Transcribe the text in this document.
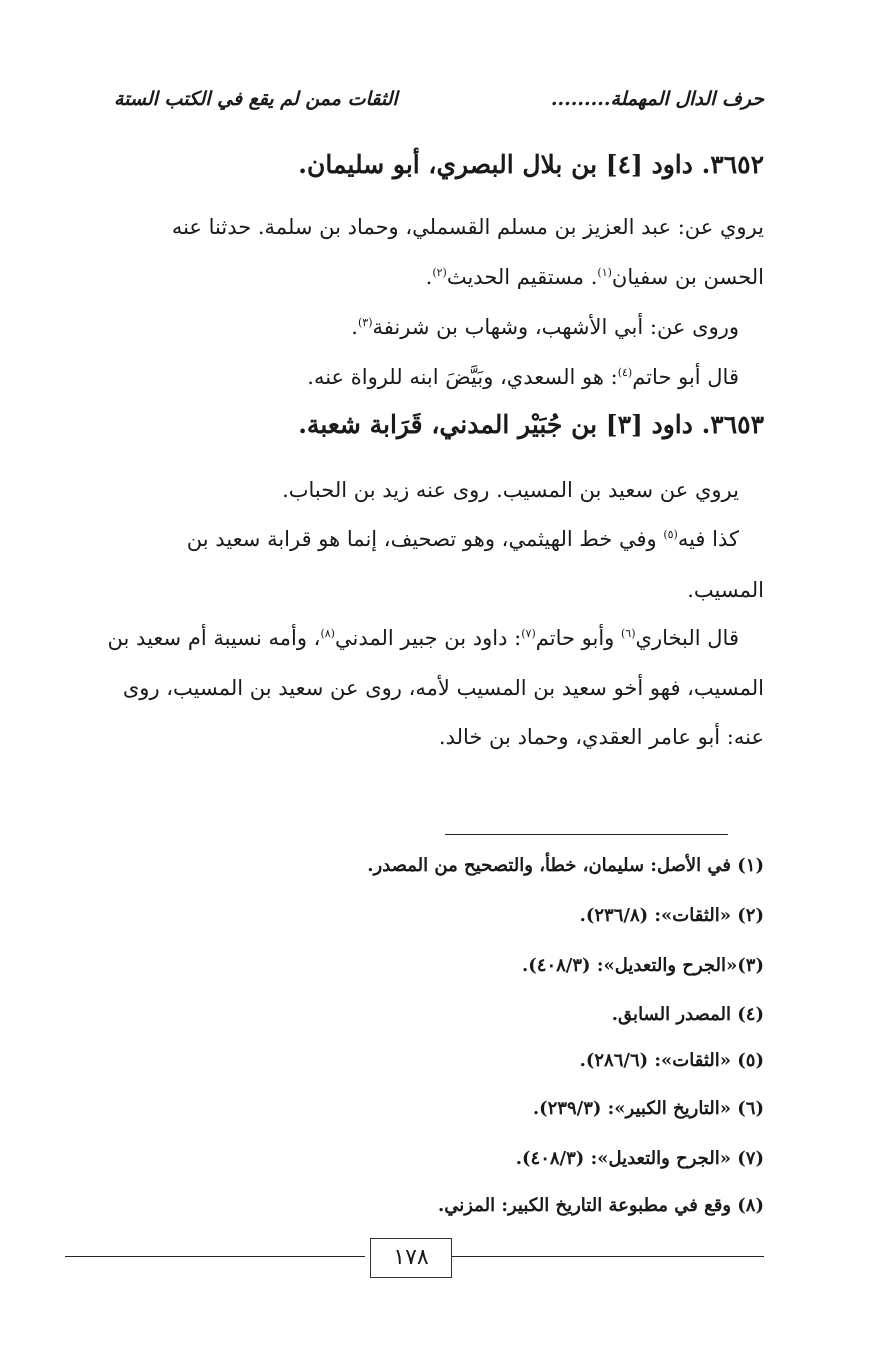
حرف الدال المهملة.........
الثقات ممن لم يقع في الكتب الستة
٣٦٥٢. داود [٤] بن بلال البصري، أبو سليمان.
يروي عن: عبد العزيز بن مسلم القسملي، وحماد بن سلمة. حدثنا عنه
الحسن بن سفيان$^{(١)}$. مستقيم الحديث$^{(٢)}$.
وروى عن: أبي الأشهب، وشهاب بن شرنفة$^{(٣)}$.
قال أبو حاتم$^{(٤)}$: هو السعدي، وبَيَّضَ ابنه للرواة عنه.
٣٦٥٣. داود [٣] بن جُبَيْر المدني، قَرَابة شعبة.
يروي عن سعيد بن المسيب. روى عنه زيد بن الحباب.
كذا فيه$^{(٥)}$ وفي خط الهيثمي، وهو تصحيف، إنما هو قرابة سعيد بن
المسيب.
قال البخاري$^{(٦)}$ وأبو حاتم$^{(٧)}$: داود بن جبير المدني$^{(٨)}$، وأمه نسيبة أم سعيد بن
المسيب، فهو أخو سعيد بن المسيب لأمه، روى عن سعيد بن المسيب، روى
عنه: أبو عامر العقدي، وحماد بن خالد.
(١) في الأصل: سليمان، خطأ، والتصحيح من المصدر.
(٢) «الثقات»: (٢٣٦/٨).
(٣)«الجرح والتعديل»: (٤٠٨/٣).
(٤) المصدر السابق.
(٥) «الثقات»: (٢٨٦/٦).
(٦) «التاريخ الكبير»: (٢٣٩/٣).
(٧) «الجرح والتعديل»: (٤٠٨/٣).
(٨) وقع في مطبوعة التاريخ الكبير: المزني.
١٧٨
